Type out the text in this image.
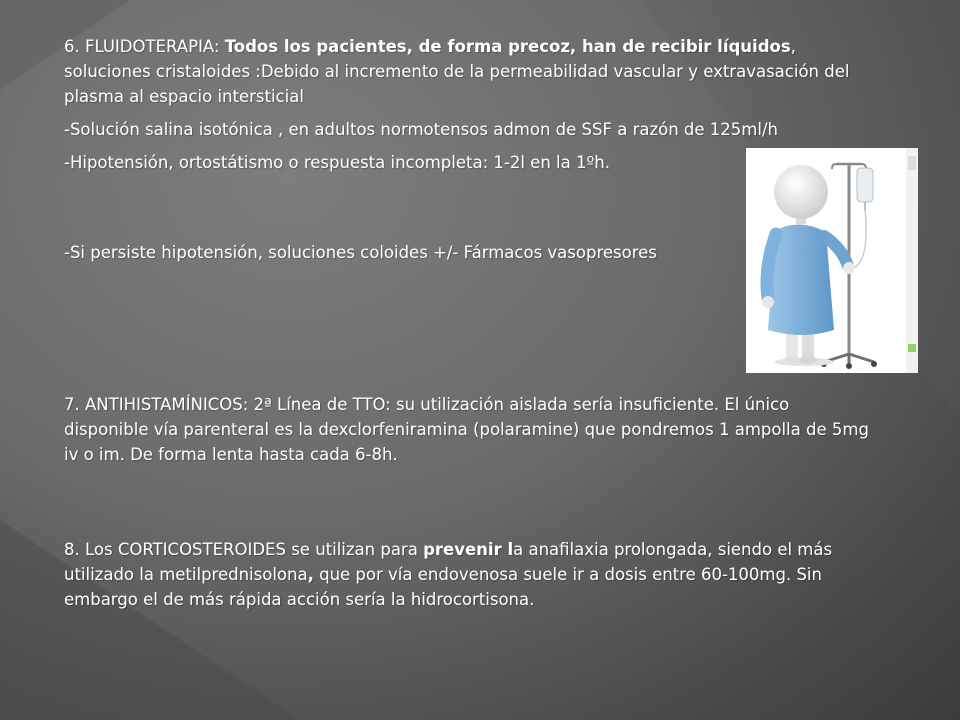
6. FLUIDOTERAPIA: Todos los pacientes, de forma precoz, han de recibir líquidos, soluciones cristaloides :Debido al incremento de la permeabilidad vascular y extravasación del plasma al espacio intersticial
-Solución salina isotónica , en adultos normotensos admon de SSF a razón de 125ml/h
-Hipotensión, ortostátismo o respuesta incompleta: 1-2l en la 1ºh.
-Si persiste hipotensión, soluciones coloides +/- Fármacos vasopresores
7. ANTIHISTAMÍNICOS: 2ª Línea de TTO: su utilización aislada sería insuficiente. El único disponible vía parenteral es la dexclorfeniramina (polaramine) que pondremos 1 ampolla de 5mg iv o im. De forma lenta hasta cada 6-8h.
8. Los CORTICOSTEROIDES se utilizan para prevenir la anafilaxia prolongada, siendo el más utilizado la metilprednisolona, que por vía endovenosa suele ir a dosis entre 60-100mg. Sin embargo el de más rápida acción sería la hidrocortisona.
